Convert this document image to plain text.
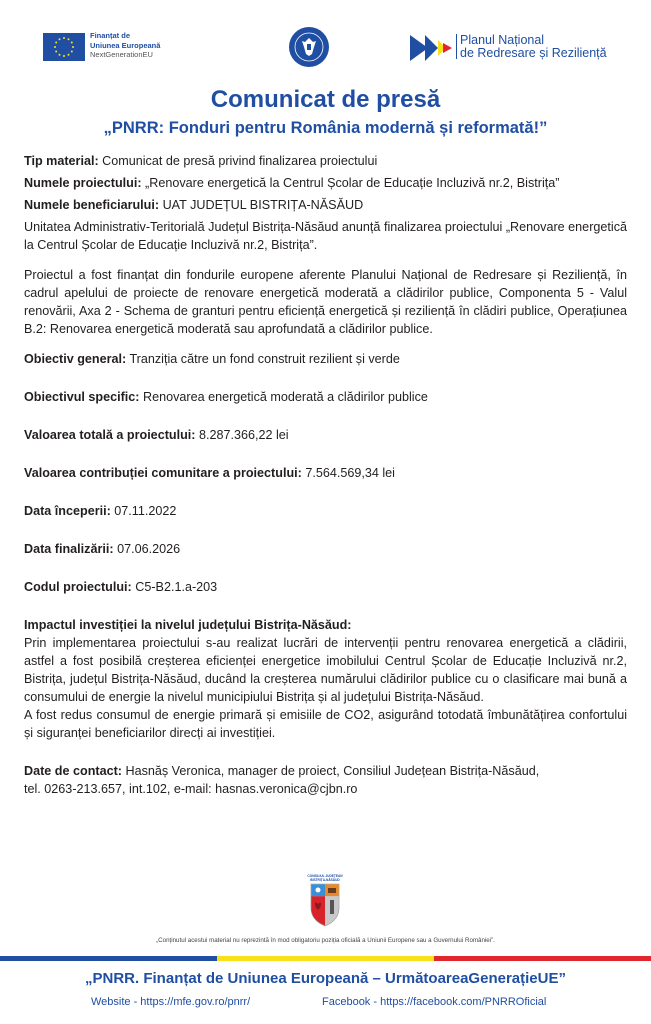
Finanțat de
Uniunea Europeană
NextGenerationEU
Planul Național
de Redresare și Reziliență
Comunicat de presă
„PNRR: Fonduri pentru România modernă și reformată!”

Tip material: Comunicat de presă privind finalizarea proiectului

Numele proiectului: „Renovare energetică la Centrul Școlar de Educație Incluzivă nr.2, Bistrița”

Numele beneficiarului: UAT JUDEȚUL BISTRIȚA-NĂSĂUD

Unitatea Administrativ-Teritorială Județul Bistrița-Năsăud anunță finalizarea proiectului „Renovare energetică la Centrul Școlar de Educație Incluzivă nr.2, Bistrița”.

Proiectul a fost finanțat din fondurile europene aferente Planului Național de Redresare și Reziliență, în cadrul apelului de proiecte de renovare energetică moderată a clădirilor publice, Componenta 5 - Valul renovării, Axa 2 - Schema de granturi pentru eficiență energetică și reziliență în clădiri publice, Operațiunea B.2: Renovarea energetică moderată sau aprofundată a clădirilor publice.

Obiectiv general: Tranziția către un fond construit rezilient și verde

Obiectivul specific: Renovarea energetică moderată a clădirilor publice

Valoarea totală a proiectului: 8.287.366,22 lei

Valoarea contribuției comunitare a proiectului: 7.564.569,34 lei

Data începerii: 07.11.2022

Data finalizării: 07.06.2026

Codul proiectului: C5-B2.1.a-203

Impactul investiției la nivelul județului Bistrița-Năsăud:

Prin implementarea proiectului s-au realizat lucrări de intervenții pentru renovarea energetică a clădirii, astfel a fost posibilă creșterea eficienței energetice imobilului Centrul Școlar de Educație Incluzivă nr.2, Bistrița, județul Bistrița-Năsăud, ducând la creșterea numărului clădirilor publice cu o clasificare mai bună a consumului de energie la nivelul municipiului Bistrița și al județului Bistrița-Năsăud.

A fost redus consumul de energie primară și emisiile de CO2, asigurând totodată îmbunătățirea confortului și siguranței beneficiarilor direcți ai investiției.

Date de contact: Hasnăș Veronica, manager de proiect, Consiliul Județean Bistrița-Năsăud,

tel. 0263-213.657, int.102, e-mail: hasnas.veronica@cjbn.ro

CONSILIUL JUDEȚEAN
BISTRIȚA-NĂSĂUD
„Conținutul acestui material nu reprezintă în mod obligatoriu poziția oficială a Uniunii Europene sau a Guvernului României”.
„PNRR. Finanțat de Uniunea Europeană – UrmătoareaGenerațieUE”
Website - https://mfe.gov.ro/pnrr/	Facebook - https://facebook.com/PNRROficial
